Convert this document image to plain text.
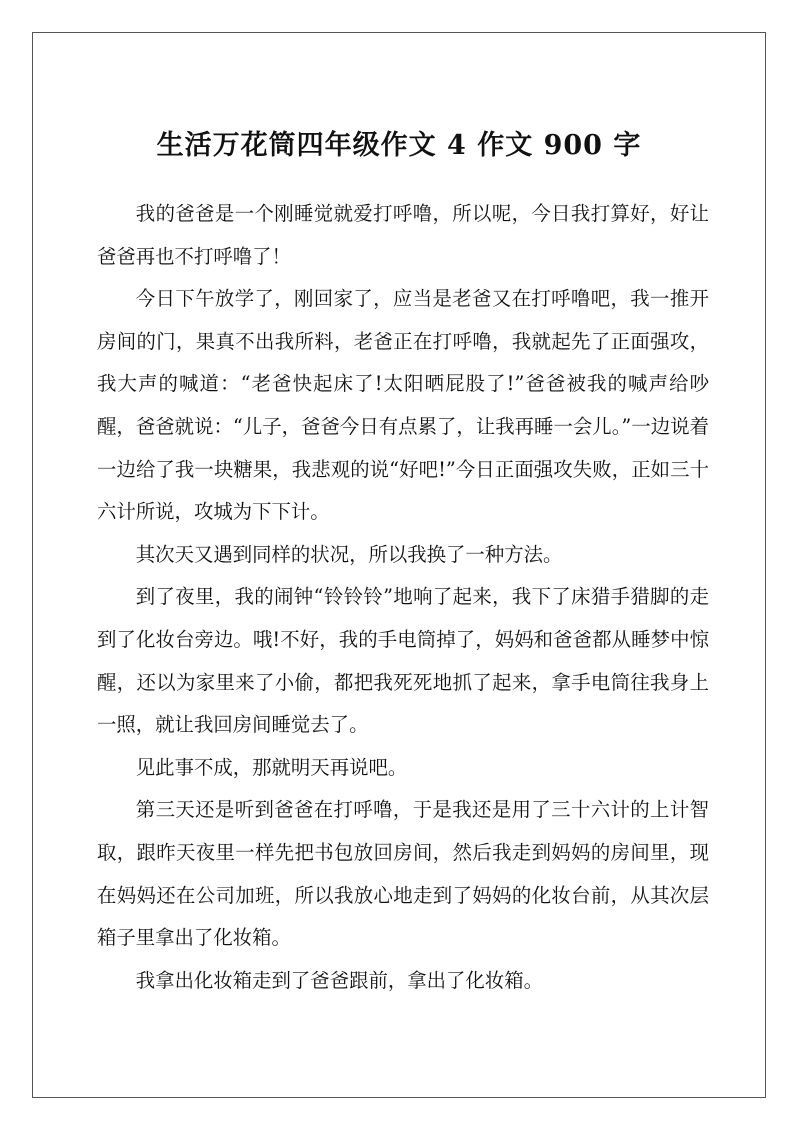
生活万花筒四年级作文 4 作文 900 字

我的爸爸是一个刚睡觉就爱打呼噜，所以呢，今日我打算好，好让爸爸再也不打呼噜了！

今日下午放学了，刚回家了，应当是老爸又在打呼噜吧，我一推开房间的门，果真不出我所料，老爸正在打呼噜，我就起先了正面强攻，我大声的喊道：“老爸快起床了!太阳晒屁股了!”爸爸被我的喊声给吵醒，爸爸就说：“儿子，爸爸今日有点累了，让我再睡一会儿。”一边说着一边给了我一块糖果，我悲观的说“好吧!”今日正面强攻失败，正如三十六计所说，攻城为下下计。

其次天又遇到同样的状况，所以我换了一种方法。

到了夜里，我的闹钟“铃铃铃”地响了起来，我下了床猎手猎脚的走到了化妆台旁边。哦!不好，我的手电筒掉了，妈妈和爸爸都从睡梦中惊醒，还以为家里来了小偷，都把我死死地抓了起来，拿手电筒往我身上一照，就让我回房间睡觉去了。

见此事不成，那就明天再说吧。

第三天还是听到爸爸在打呼噜，于是我还是用了三十六计的上计智取，跟昨天夜里一样先把书包放回房间，然后我走到妈妈的房间里，现在妈妈还在公司加班，所以我放心地走到了妈妈的化妆台前，从其次层箱子里拿出了化妆箱。

我拿出化妆箱走到了爸爸跟前，拿出了化妆箱。
